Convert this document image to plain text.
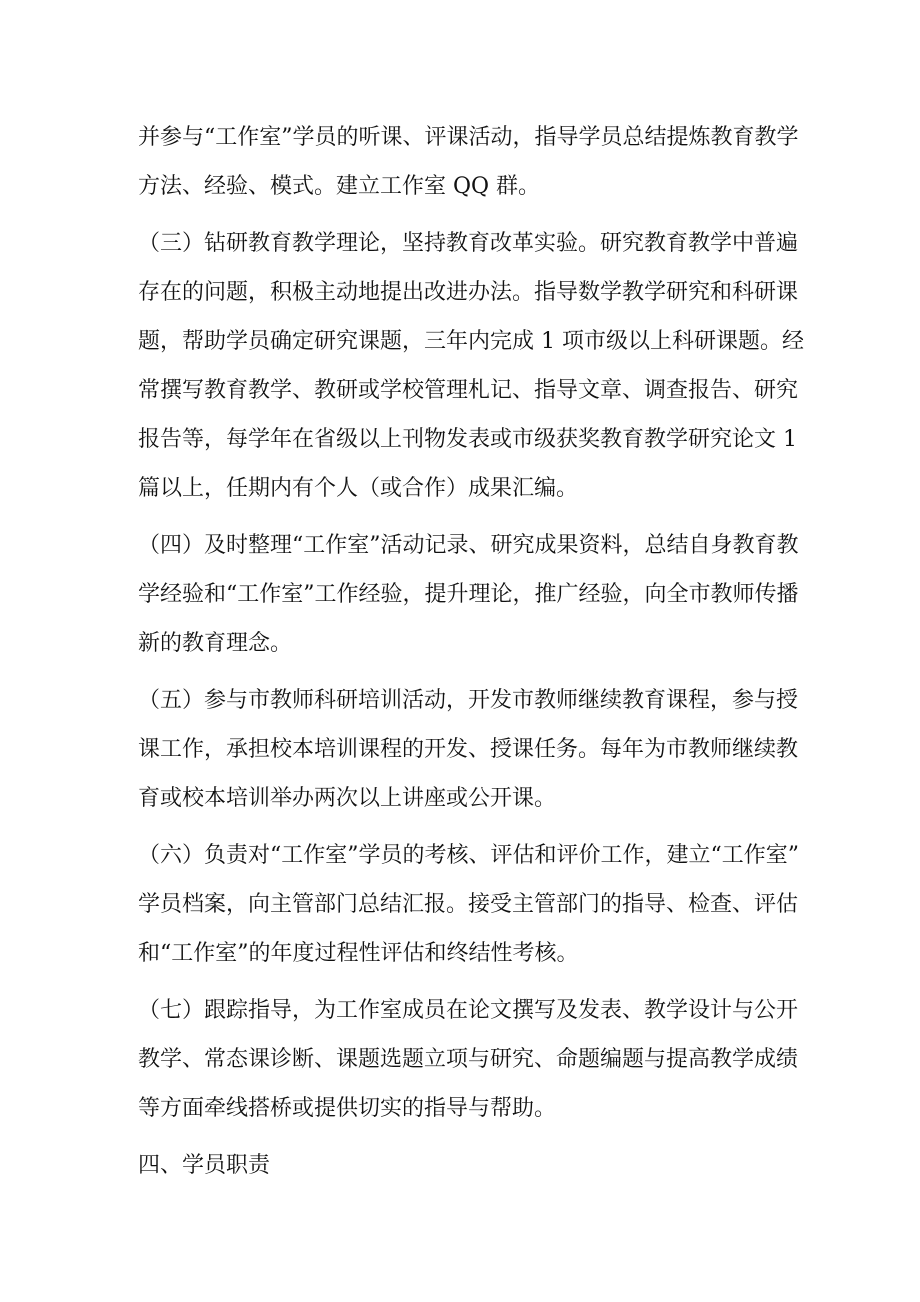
并参与“工作室”学员的听课、评课活动，指导学员总结提炼教育教学
方法、经验、模式。建立工作室 QQ 群。
（三）钻研教育教学理论，坚持教育改革实验。研究教育教学中普遍
存在的问题，积极主动地提出改进办法。指导数学教学研究和科研课
题，帮助学员确定研究课题，三年内完成 1 项市级以上科研课题。经
常撰写教育教学、教研或学校管理札记、指导文章、调查报告、研究
报告等，每学年在省级以上刊物发表或市级获奖教育教学研究论文 1
篇以上，任期内有个人（或合作）成果汇编。
（四）及时整理“工作室”活动记录、研究成果资料，总结自身教育教
学经验和“工作室”工作经验，提升理论，推广经验，向全市教师传播
新的教育理念。
（五）参与市教师科研培训活动，开发市教师继续教育课程，参与授
课工作，承担校本培训课程的开发、授课任务。每年为市教师继续教
育或校本培训举办两次以上讲座或公开课。
（六）负责对“工作室”学员的考核、评估和评价工作，建立“工作室”
学员档案，向主管部门总结汇报。接受主管部门的指导、检查、评估
和“工作室”的年度过程性评估和终结性考核。
（七）跟踪指导，为工作室成员在论文撰写及发表、教学设计与公开
教学、常态课诊断、课题选题立项与研究、命题编题与提高教学成绩
等方面牵线搭桥或提供切实的指导与帮助。
四、学员职责
